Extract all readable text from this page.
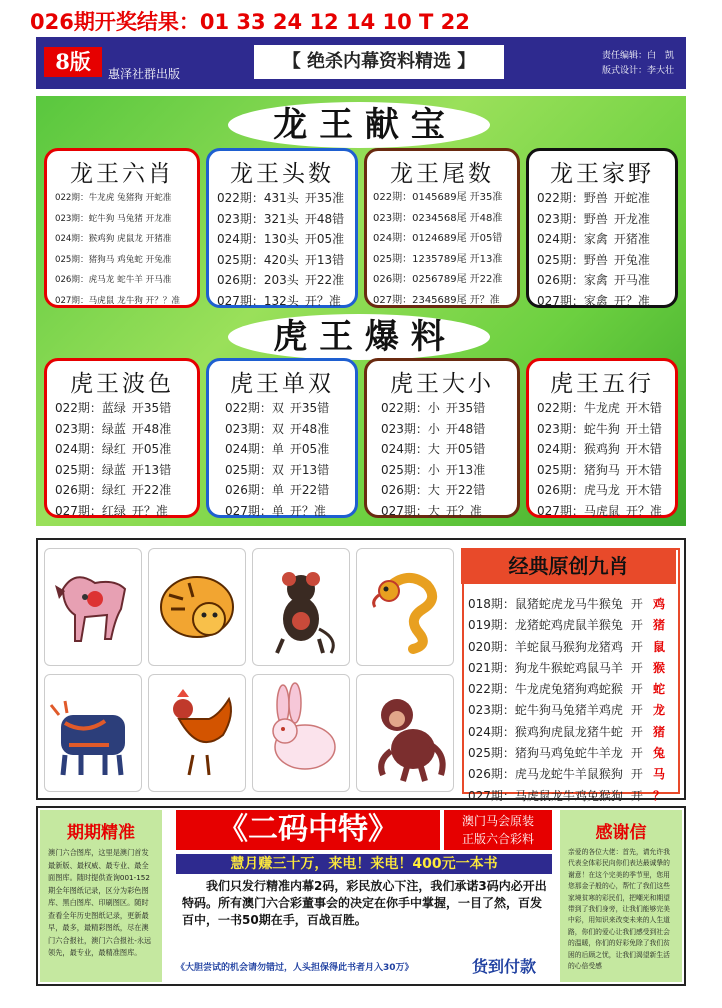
026期开奖结果：01 33 24 12 14 10 T 22
8版	惠泽社群出版
【 绝杀内幕资料精选 】	责任编辑：白　凯
版式设计：李大壮
龙 王 献 宝
虎 王 爆 料
龙王六肖
022期：牛龙虎 兔猪狗 开蛇准
023期：蛇牛狗 马兔猪 开龙准
024期：猴鸡狗 虎鼠龙 开猪准
025期：猪狗马 鸡兔蛇 开兔准
026期：虎马龙 蛇牛羊 开马准
027期：马虎鼠 龙牛狗 开？？准
龙王头数
022期： 431头 开35准
023期： 321头 开48错
024期： 130头 开05准
025期： 420头 开13错
026期： 203头 开22准
027期： 132头 开？准
龙王尾数
022期： 0145689尾 开35准
023期： 0234568尾 开48准
024期： 0124689尾 开05错
025期： 1235789尾 开13准
026期： 0256789尾 开22准
027期： 2345689尾 开？准
龙王家野
022期： 野兽 开蛇准
023期： 野兽 开龙准
024期： 家禽 开猪准
025期： 野兽 开兔准
026期： 家禽 开马准
027期： 家禽 开？准
虎王波色
022期： 蓝绿 开35错
023期： 绿蓝 开48准
024期： 绿红 开05准
025期： 绿蓝 开13错
026期： 绿红 开22准
027期： 红绿 开？准
虎王单双
022期： 双 开35错
023期： 双 开48准
024期： 单 开05准
025期： 双 开13错
026期： 单 开22错
027期： 单 开？准
虎王大小
022期： 小 开35错
023期： 小 开48错
024期： 大 开05错
025期： 小 开13准
026期： 大 开22错
027期： 大 开？准
虎王五行
022期： 牛龙虎 开木错
023期： 蛇牛狗 开土错
024期： 猴鸡狗 开木错
025期： 猪狗马 开木错
026期： 虎马龙 开木错
027期： 马虎鼠 开？准
经典原创九肖
018期： 鼠猪蛇虎龙马牛猴兔 开 鸡
019期： 龙猪蛇鸡虎鼠羊猴兔 开 猪
020期： 羊蛇鼠马猴狗龙猪鸡 开 鼠
021期： 狗龙牛猴蛇鸡鼠马羊 开 猴
022期： 牛龙虎兔猪狗鸡蛇猴 开 蛇
023期： 蛇牛狗马兔猪羊鸡虎 开 龙
024期： 猴鸡狗虎鼠龙猪牛蛇 开 猪
025期： 猪狗马鸡兔蛇牛羊龙 开 兔
026期： 虎马龙蛇牛羊鼠猴狗 开 马
027期： 马虎鼠龙牛鸡兔猴狗 开 ？
期期精准
澳门六合图库，这里是澳门首发最新版、最权威、最专业、最全面图库。随时提供查询001-152期全年图纸记录，区分为彩色图库、黑白图库、印刷图区。随时查看全年历史图纸记录，更新最早，最多，最精彩图纸，尽在澳门六合报社，澳门六合报社-永远领先，最专业，最精准图库。
《二码中特》	澳门马会原装
正版六合彩料
慧月赚三十万，来电！来电！400元一本书
我们只发行精准内幕2码，彩民放心下注，我们承诺3码内必开出特码。所有澳门六合彩董事会的决定在你手中掌握，一目了然，百发百中，一书50期在手，百战百胜。
《大胆尝试的机会请勿错过，人头担保得此书者月入30万》	货到付款
感谢信
亲爱的各位大佬：首先，请允许我代表全体彩民向你们表达最诚挚的谢意！在这个完美的季节里，您用您那金子般的心，帮忙了我们这些家境贫寒的彩民们，把嘲光和期望带到了我们身旁，让我们能够完美中彩，用知识来改变未来的人生道路，你们的爱心让我们感受到社会的温暖，你们的好彩免除了我们贫困的后顾之忧，让我们渴望新生活的心倍受感
